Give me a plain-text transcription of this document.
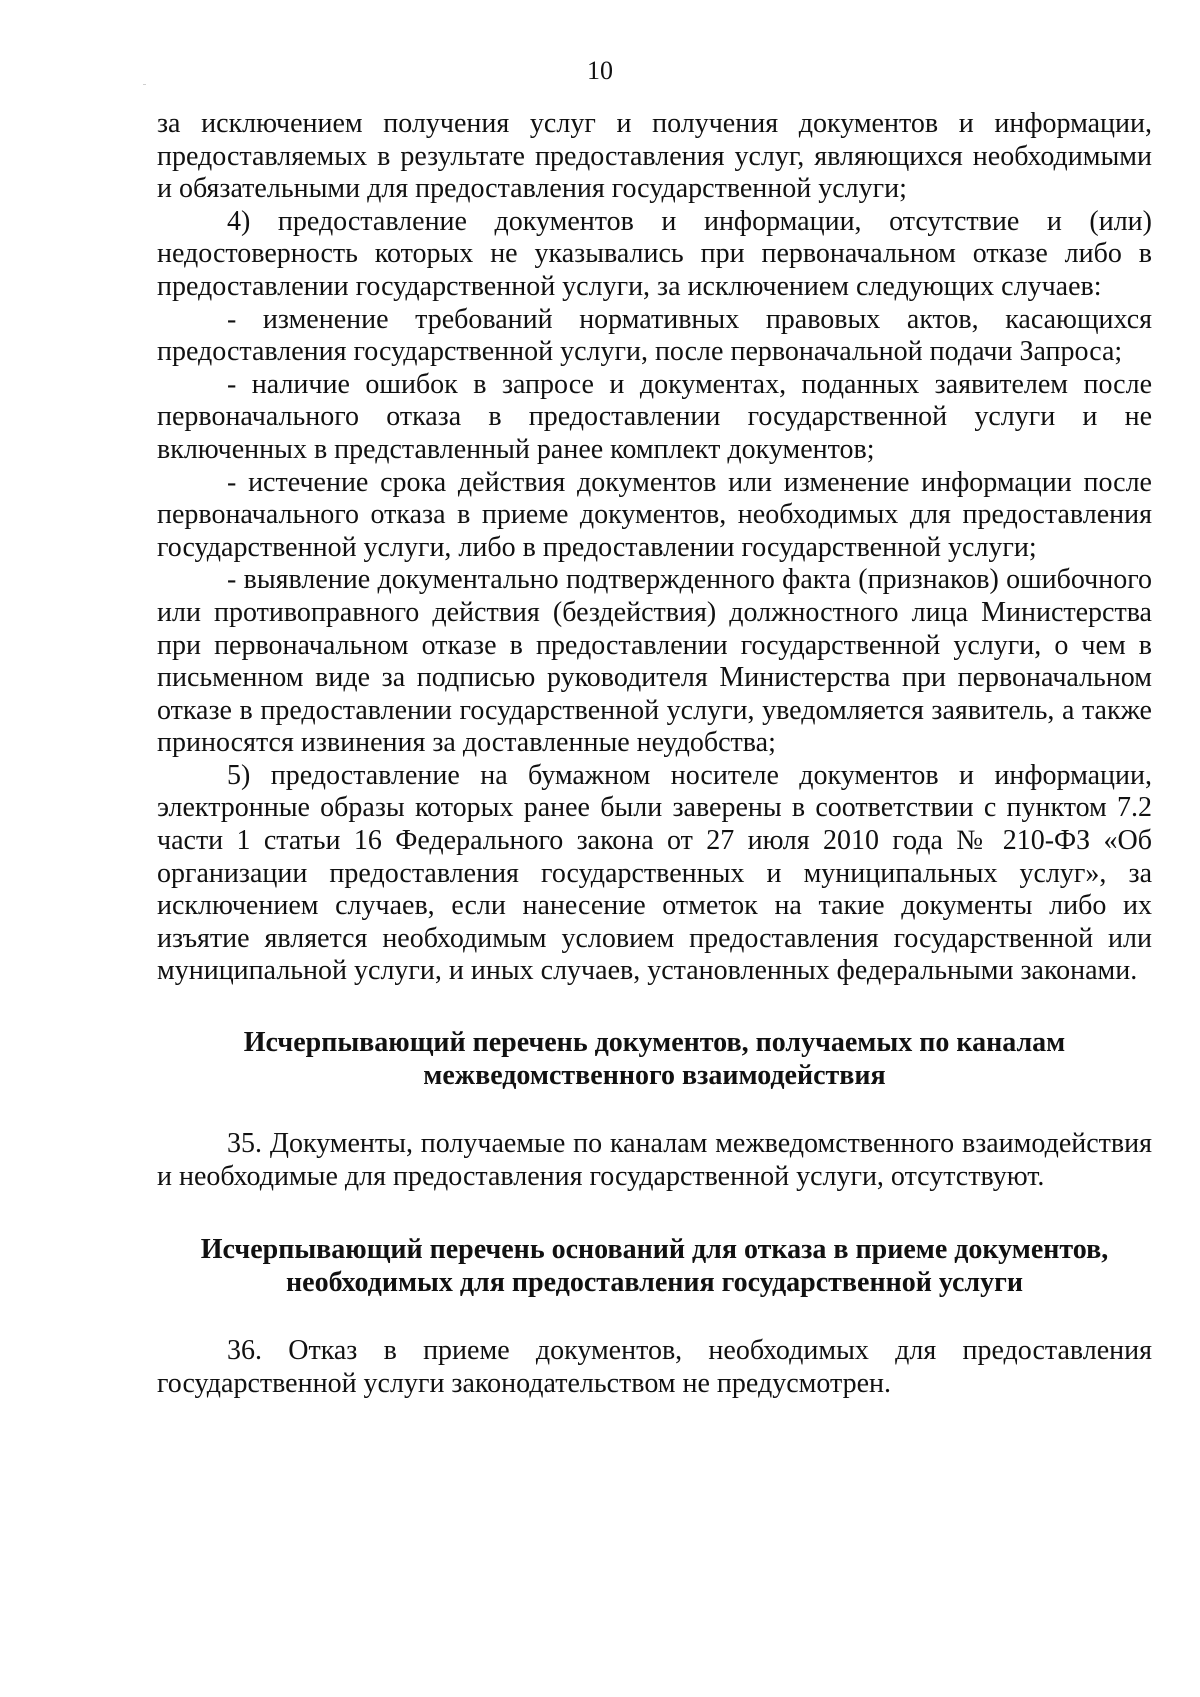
10

за исключением получения услуг и получения документов и информации, предоставляемых в результате предоставления услуг, являющихся необходимыми и обязательными для предоставления государственной услуги;

4) предоставление документов и информации, отсутствие и (или) недостоверность которых не указывались при первоначальном отказе либо в предоставлении государственной услуги, за исключением следующих случаев:

- изменение требований нормативных правовых актов, касающихся предоставления государственной услуги, после первоначальной подачи Запроса;

- наличие ошибок в запросе и документах, поданных заявителем после первоначального отказа в предоставлении государственной услуги и не включенных в представленный ранее комплект документов;

- истечение срока действия документов или изменение информации после первоначального отказа в приеме документов, необходимых для предоставления государственной услуги, либо в предоставлении государственной услуги;

- выявление документально подтвержденного факта (признаков) ошибочного или противоправного действия (бездействия) должностного лица Министерства при первоначальном отказе в предоставлении государственной услуги, о чем в письменном виде за подписью руководителя Министерства при первоначальном отказе в предоставлении государственной услуги, уведомляется заявитель, а также приносятся извинения за доставленные неудобства;

5) предоставление на бумажном носителе документов и информации, электронные образы которых ранее были заверены в соответствии с пунктом 7.2 части 1 статьи 16 Федерального закона от 27 июля 2010 года № 210-ФЗ «Об организации предоставления государственных и муниципальных услуг», за исключением случаев, если нанесение отметок на такие документы либо их изъятие является необходимым условием предоставления государственной или муниципальной услуги, и иных случаев, установленных федеральными законами.

Исчерпывающий перечень документов, получаемых по каналам
межведомственного взаимодействия

35. Документы, получаемые по каналам межведомственного взаимодействия и необходимые для предоставления государственной услуги, отсутствуют.

Исчерпывающий перечень оснований для отказа в приеме документов,
необходимых для предоставления государственной услуги

36. Отказ в приеме документов, необходимых для предоставления государственной услуги законодательством не предусмотрен.
